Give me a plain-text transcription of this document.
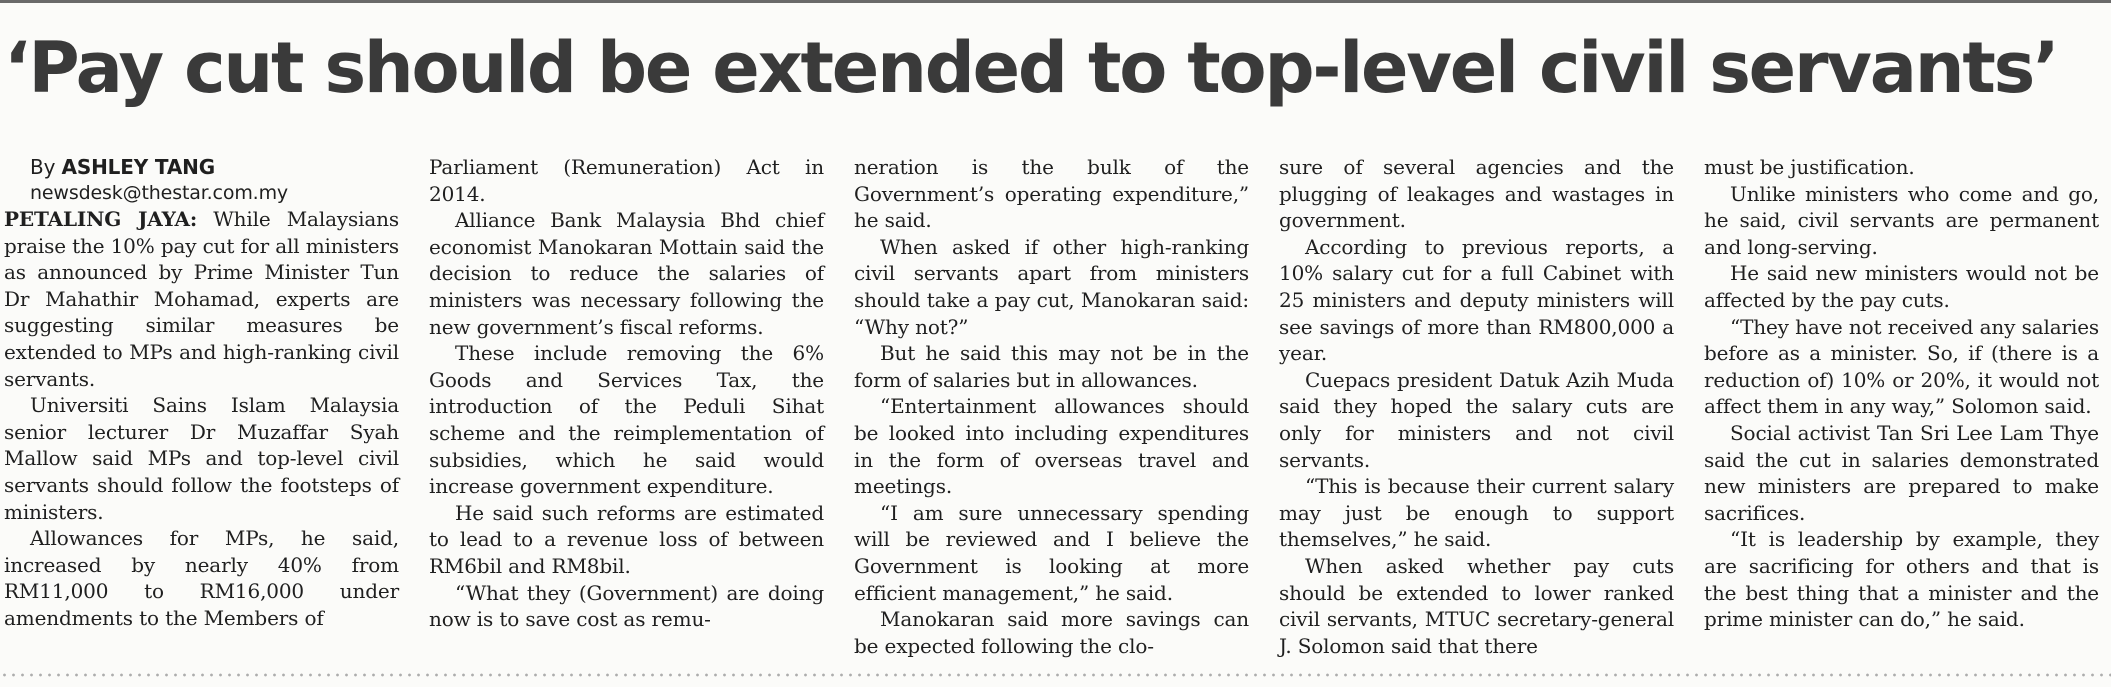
‘Pay cut should be extended to top-level civil servants’

By ASHLEY TANG

newsdesk@thestar.com.my

PETALING JAYA: While Malaysians praise the 10% pay cut for all ministers as announced by Prime Minister Tun Dr Mahathir Mohamad, experts are suggesting similar measures be extended to MPs and high-ranking civil servants.

Universiti Sains Islam Malaysia senior lecturer Dr Muzaffar Syah Mallow said MPs and top-level civil servants should follow the footsteps of ministers.

Allowances for MPs, he said, increased by nearly 40% from RM11,000 to RM16,000 under amendments to the Members of

Parliament (Remuneration) Act in 2014.

Alliance Bank Malaysia Bhd chief economist Manokaran Mottain said the decision to reduce the salaries of ministers was necessary following the new government’s fiscal reforms.

These include removing the 6% Goods and Services Tax, the introduction of the Peduli Sihat scheme and the reimplementation of subsidies, which he said would increase government expenditure.

He said such reforms are estimated to lead to a revenue loss of between RM6bil and RM8bil.

“What they (Government) are doing now is to save cost as remu-

neration is the bulk of the Government’s operating expenditure,” he said.

When asked if other high-ranking civil servants apart from ministers should take a pay cut, Manokaran said: “Why not?”

But he said this may not be in the form of salaries but in allowances.

“Entertainment allowances should be looked into including expenditures in the form of overseas travel and meetings.

“I am sure unnecessary spending will be reviewed and I believe the Government is looking at more efficient management,” he said.

Manokaran said more savings can be expected following the clo-

sure of several agencies and the plugging of leakages and wastages in government.

According to previous reports, a 10% salary cut for a full Cabinet with 25 ministers and deputy ministers will see savings of more than RM800,000 a year.

Cuepacs president Datuk Azih Muda said they hoped the salary cuts are only for ministers and not civil servants.

“This is because their current salary may just be enough to support themselves,” he said.

When asked whether pay cuts should be extended to lower ranked civil servants, MTUC secretary-general J. Solomon said that there

must be justification.

Unlike ministers who come and go, he said, civil servants are permanent and long-serving.

He said new ministers would not be affected by the pay cuts.

“They have not received any salaries before as a minister. So, if (there is a reduction of) 10% or 20%, it would not affect them in any way,” Solomon said.

Social activist Tan Sri Lee Lam Thye said the cut in salaries demonstrated new ministers are prepared to make sacrifices.

“It is leadership by example, they are sacrificing for others and that is the best thing that a minister and the prime minister can do,” he said.
